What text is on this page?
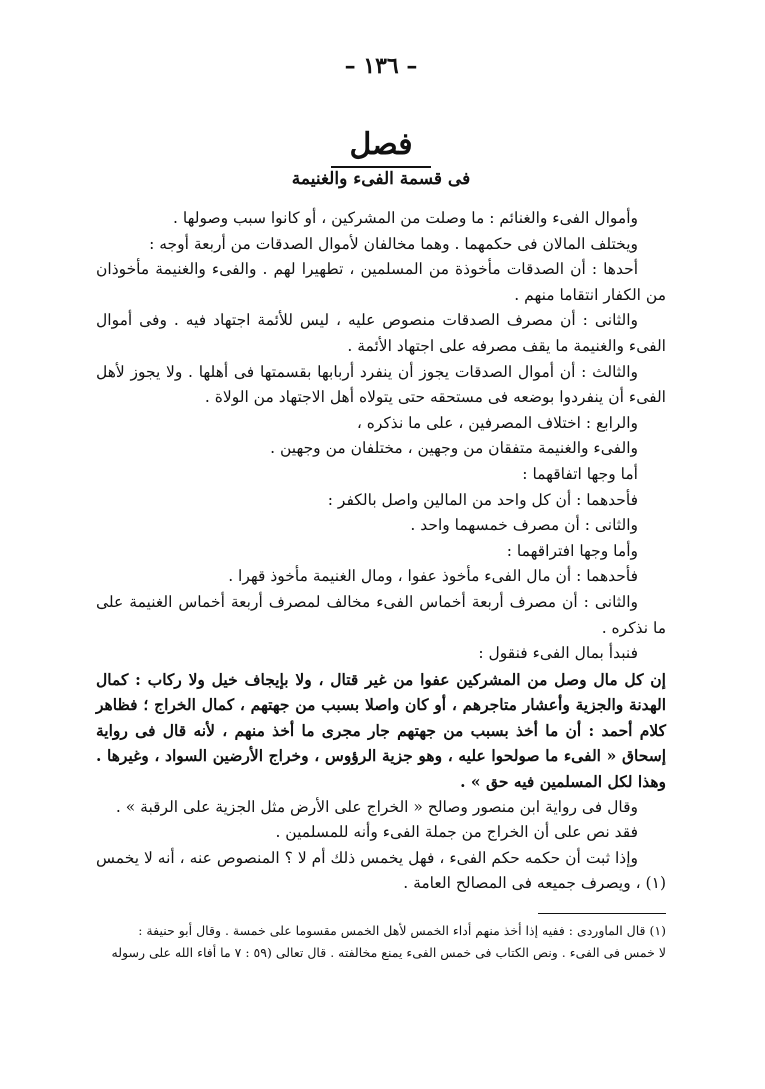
– ١٣٦ –
فصل
فى قسمة الفىء والغنيمة

وأموال الفىء والغنائم : ما وصلت من المشركين ، أو كانوا سبب وصولها .

ويختلف المالان فى حكمهما . وهما مخالفان لأموال الصدقات من أربعة أوجه :

أحدها : أن الصدقات مأخوذة من المسلمين ، تطهيرا لهم . والفىء والغنيمة مأخوذان من الكفار انتقاما منهم .

والثانى : أن مصرف الصدقات منصوص عليه ، ليس للأئمة اجتهاد فيه . وفى أموال الفىء والغنيمة ما يقف مصرفه على اجتهاد الأئمة .

والثالث : أن أموال الصدقات يجوز أن ينفرد أربابها بقسمتها فى أهلها . ولا يجوز لأهل الفىء أن ينفردوا بوضعه فى مستحقه حتى يتولاه أهل الاجتهاد من الولاة .

والرابع : اختلاف المصرفين ، على ما نذكره ،

والفىء والغنيمة متفقان من وجهين ، مختلفان من وجهين .

أما وجها اتفاقهما :

فأحدهما : أن كل واحد من المالين واصل بالكفر :

والثانى : أن مصرف خمسهما واحد .

وأما وجها افتراقهما :

فأحدهما : أن مال الفىء مأخوذ عفوا ، ومال الغنيمة مأخوذ قهرا .

والثانى : أن مصرف أربعة أخماس الفىء مخالف لمصرف أربعة أخماس الغنيمة على ما نذكره .

فنبدأ بمال الفىء فنقول :

إن كل مال وصل من المشركين عفوا من غير قتال ، ولا بإيجاف خيل ولا ركاب : كمال الهدنة والجزية وأعشار متاجرهم ، أو كان واصلا بسبب من جهتهم ، كمال الخراج ؛ فظاهر كلام أحمد : أن ما أخذ بسبب من جهتهم جار مجرى ما أخذ منهم ، لأنه قال فى رواية إسحاق « الفىء ما صولحوا عليه ، وهو جزية الرؤوس ، وخراج الأرضين السواد ، وغيرها . وهذا لكل المسلمين فيه حق » .

وقال فى رواية ابن منصور وصالح « الخراج على الأرض مثل الجزية على الرقبة » .

فقد نص على أن الخراج من جملة الفىء وأنه للمسلمين .

وإذا ثبت أن حكمه حكم الفىء ، فهل يخمس ذلك أم لا ؟ المنصوص عنه ، أنه لا يخمس (١) ، ويصرف جميعه فى المصالح العامة .

(١) قال الماوردى : ففيه إذا أخذ منهم أداء الخمس لأهل الخمس مقسوما على خمسة . وقال أبو حنيفة :
لا خمس فى الفىء . ونص الكتاب فى خمس الفىء يمنع مخالفته . قال تعالى (٥٩ : ٧ ما أفاء الله على رسوله
